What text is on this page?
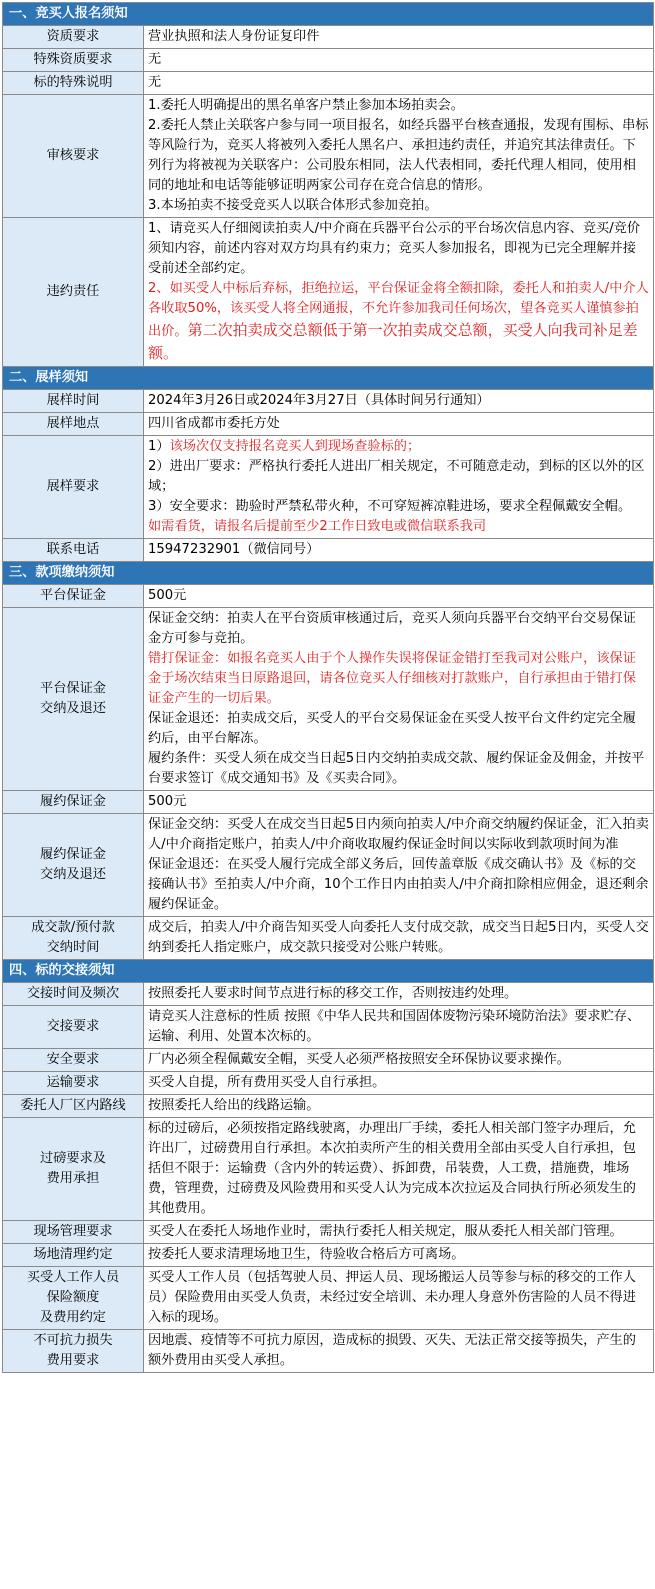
一、竞买人报名须知	
资质要求	营业执照和法人身份证复印件
特殊资质要求	无
标的特殊说明	无
审核要求	1.委托人明确提出的黑名单客户禁止参加本场拍卖会。
2.委托人禁止关联客户参与同一项目报名，如经兵器平台核查通报，发现有围标、串标等风险行为，竞买人将被列入委托人黑名户、承担违约责任，并追究其法律责任。下列行为将被视为关联客户：公司股东相同，法人代表相同，委托代理人相同，使用相同的地址和电话等能够证明两家公司存在竞合信息的情形。
3.本场拍卖不接受竞买人以联合体形式参加竞拍。

违约责任	1、请竞买人仔细阅读拍卖人/中介商在兵器平台公示的平台场次信息内容、竞买/竞价须知内容，前述内容对双方均具有约束力；竞买人参加报名，即视为已完全理解并接受前述全部约定。
2、如买受人中标后弃标，拒绝拉运，平台保证金将全额扣除，委托人和拍卖人/中介人各收取50%，该买受人将全网通报，不允许参加我司任何场次，望各竞买人谨慎参拍出价。第二次拍卖成交总额低于第一次拍卖成交总额，买受人向我司补足差额。

二、展样须知	
展样时间	2024年3月26日或2024年3月27日（具体时间另行通知）
展样地点	四川省成都市委托方处
展样要求	1）该场次仅支持报名竞买人到现场查验标的；
2）进出厂要求：严格执行委托人进出厂相关规定，不可随意走动，到标的区以外的区域；
3）安全要求：勘验时严禁私带火种，不可穿短裤凉鞋进场，要求全程佩戴安全帽。
如需看货，请报名后提前至少2工作日致电或微信联系我司

联系电话	15947232901（微信同号）
三、款项缴纳须知	
平台保证金	500元

平台保证金
交纳及退还	保证金交纳：拍卖人在平台资质审核通过后，竞买人须向兵器平台交纳平台交易保证金方可参与竞拍。
错打保证金：如报名竞买人由于个人操作失误将保证金错打至我司对公账户，该保证金于场次结束当日原路退回，请各位竞买人仔细核对打款账户，自行承担由于错打保证金产生的一切后果。
保证金退还：拍卖成交后，买受人的平台交易保证金在买受人按平台文件约定完全履约后，由平台解冻。
履约条件：买受人须在成交当日起5日内交纳拍卖成交款、履约保证金及佣金，并按平台要求签订《成交通知书》及《买卖合同》。

履约保证金	500元

履约保证金
交纳及退还	保证金交纳：买受人在成交当日起5日内须向拍卖人/中介商交纳履约保证金，汇入拍卖人/中介商指定账户，拍卖人/中介商收取履约保证金时间以实际收到款项时间为准
保证金退还：在买受人履行完成全部义务后，回传盖章版《成交确认书》及《标的交接确认书》至拍卖人/中介商，10个工作日内由拍卖人/中介商扣除相应佣金，退还剩余履约保证金。

成交款/预付款
交纳时间	成交后，拍卖人/中介商告知买受人向委托人支付成交款，成交当日起5日内，买受人交纳到委托人指定账户，成交款只接受对公账户转账。
四、标的交接须知	
交接时间及频次	按照委托人要求时间节点进行标的移交工作，否则按违约处理。
交接要求	请竞买人注意标的性质 按照《中华人民共和国固体废物污染环境防治法》要求贮存、运输、利用、处置本次标的。
安全要求	厂内必须全程佩戴安全帽，买受人必须严格按照安全环保协议要求操作。
运输要求	买受人自提，所有费用买受人自行承担。
委托人厂区内路线	按照委托人给出的线路运输。

过磅要求及
费用承担	标的过磅后，必须按指定路线驶离，办理出厂手续，委托人相关部门签字办理后，允许出厂，过磅费用自行承担。本次拍卖所产生的相关费用全部由买受人自行承担，包括但不限于：运输费（含内外的转运费）、拆卸费，吊装费，人工费，措施费，堆场费，管理费，过磅费及风险费用和买受人认为完成本次拉运及合同执行所必须发生的其他费用。
现场管理要求	买受人在委托人场地作业时，需执行委托人相关规定，服从委托人相关部门管理。
场地清理约定	按委托人要求清理场地卫生，待验收合格后方可离场。

买受人工作人员
保险额度
及费用约定	买受人工作人员（包括驾驶人员、押运人员、现场搬运人员等参与标的移交的工作人员）保险费用由买受人负责，未经过安全培训、未办理人身意外伤害险的人员不得进入标的现场。

不可抗力损失
费用要求	因地震、疫情等不可抗力原因，造成标的损毁、灭失、无法正常交接等损失，产生的额外费用由买受人承担。
